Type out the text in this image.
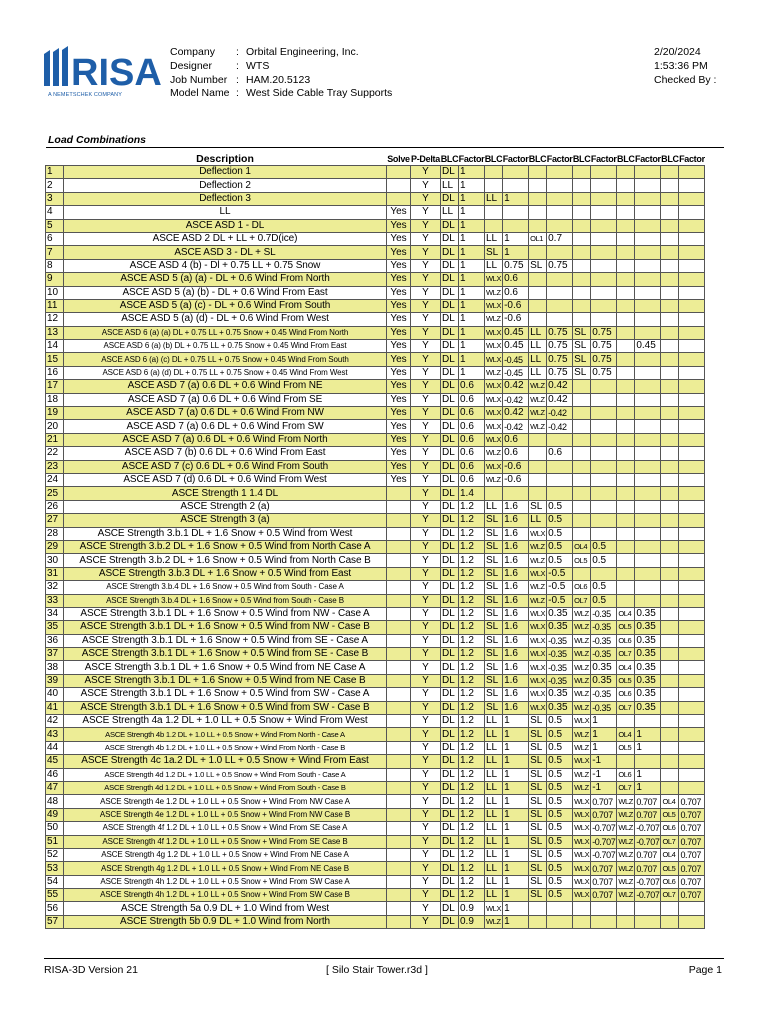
RISA
A NEMETSCHEK COMPANY
Company : Orbital Engineering, Inc.
Designer : WTS
Job Number : HAM.20.5123
Model Name : West Side Cable Tray Supports
2/20/2024
1:53:36 PM
Checked By :
Load Combinations
	Description	Solve	P-Delta	BLC	Factor	BLC	Factor	BLC	Factor	BLC	Factor	BLC	Factor	BLC	Factor
1	Deflection 1		Y	DL	1										
2	Deflection 2		Y	LL	1										
3	Deflection 3		Y	DL	1	LL	1								
4	LL	Yes	Y	LL	1										
5	ASCE ASD 1 - DL	Yes	Y	DL	1										
6	ASCE ASD 2 DL + LL + 0.7D(ice)	Yes	Y	DL	1	LL	1	OL1	0.7						
7	ASCE ASD 3 - DL + SL	Yes	Y	DL	1	SL	1								
8	ASCE ASD 4 (b) - Dl + 0.75 LL + 0.75 Snow	Yes	Y	DL	1	LL	0.75	SL	0.75						
9	ASCE ASD 5 (a) (a) - DL + 0.6 Wind From North	Yes	Y	DL	1	WLX	0.6								
10	ASCE ASD 5 (a) (b) - DL + 0.6 Wind From East	Yes	Y	DL	1	WLZ	0.6								
11	ASCE ASD 5 (a) (c) - DL + 0.6 Wind From South	Yes	Y	DL	1	WLX	-0.6								
12	ASCE ASD 5 (a) (d) - DL + 0.6 Wind From West	Yes	Y	DL	1	WLZ	-0.6								
13	ASCE ASD 6 (a) (a) DL + 0.75 LL + 0.75 Snow + 0.45 Wind From North	Yes	Y	DL	1	WLX	0.45	LL	0.75	SL	0.75				
14	ASCE ASD 6 (a) (b) DL + 0.75 LL + 0.75 Snow + 0.45 Wind From East	Yes	Y	DL	1	WLX	0.45	LL	0.75	SL	0.75		0.45		
15	ASCE ASD 6 (a) (c) DL + 0.75 LL + 0.75 Snow + 0.45 Wind From South	Yes	Y	DL	1	WLX	-0.45	LL	0.75	SL	0.75				
16	ASCE ASD 6 (a) (d) DL + 0.75 LL + 0.75 Snow + 0.45 Wind From West	Yes	Y	DL	1	WLZ	-0.45	LL	0.75	SL	0.75				
17	ASCE ASD 7 (a) 0.6 DL + 0.6 Wind From NE	Yes	Y	DL	0.6	WLX	0.42	WLZ	0.42						
18	ASCE ASD 7 (a) 0.6 DL + 0.6 Wind From SE	Yes	Y	DL	0.6	WLX	-0.42	WLZ	0.42						
19	ASCE ASD 7 (a) 0.6 DL + 0.6 Wind From NW	Yes	Y	DL	0.6	WLX	0.42	WLZ	-0.42						
20	ASCE ASD 7 (a) 0.6 DL + 0.6 Wind From SW	Yes	Y	DL	0.6	WLX	-0.42	WLZ	-0.42						
21	ASCE ASD 7 (a) 0.6 DL + 0.6 Wind From North	Yes	Y	DL	0.6	WLX	0.6								
22	ASCE ASD 7 (b) 0.6 DL + 0.6 Wind From East	Yes	Y	DL	0.6	WLZ	0.6		0.6						
23	ASCE ASD 7 (c) 0.6 DL + 0.6 Wind From South	Yes	Y	DL	0.6	WLX	-0.6								
24	ASCE ASD 7 (d) 0.6 DL + 0.6 Wind From West	Yes	Y	DL	0.6	WLZ	-0.6								
25	ASCE Strength 1 1.4 DL		Y	DL	1.4										
26	ASCE Strength 2 (a)		Y	DL	1.2	LL	1.6	SL	0.5						
27	ASCE Strength 3 (a)		Y	DL	1.2	SL	1.6	LL	0.5						
28	ASCE Strength 3.b.1 DL + 1.6 Snow + 0.5 Wind from West		Y	DL	1.2	SL	1.6	WLX	0.5						
29	ASCE Strength 3.b.2 DL + 1.6 Snow + 0.5 Wind from North Case A		Y	DL	1.2	SL	1.6	WLZ	0.5	OL4	0.5				
30	ASCE Strength 3.b.2 DL + 1.6 Snow + 0.5 Wind from North Case B		Y	DL	1.2	SL	1.6	WLZ	0.5	OL5	0.5				
31	ASCE Strength 3.b.3 DL + 1.6 Snow + 0.5 Wind from East		Y	DL	1.2	SL	1.6	WLX	-0.5						
32	ASCE Strength 3.b.4 DL + 1.6 Snow + 0.5 Wind from South - Case A		Y	DL	1.2	SL	1.6	WLZ	-0.5	OL6	0.5				
33	ASCE Strength 3.b.4 DL + 1.6 Snow + 0.5 Wind from South - Case B		Y	DL	1.2	SL	1.6	WLZ	-0.5	OL7	0.5				
34	ASCE Strength 3.b.1 DL + 1.6 Snow + 0.5 Wind from NW - Case A		Y	DL	1.2	SL	1.6	WLX	0.35	WLZ	-0.35	OL4	0.35		
35	ASCE Strength 3.b.1 DL + 1.6 Snow + 0.5 Wind from NW - Case B		Y	DL	1.2	SL	1.6	WLX	0.35	WLZ	-0.35	OL5	0.35		
36	ASCE Strength 3.b.1 DL + 1.6 Snow + 0.5 Wind from SE - Case A		Y	DL	1.2	SL	1.6	WLX	-0.35	WLZ	-0.35	OL6	0.35		
37	ASCE Strength 3.b.1 DL + 1.6 Snow + 0.5 Wind from SE - Case B		Y	DL	1.2	SL	1.6	WLX	-0.35	WLZ	-0.35	OL7	0.35		
38	ASCE Strength 3.b.1 DL + 1.6 Snow + 0.5 Wind from NE Case A		Y	DL	1.2	SL	1.6	WLX	-0.35	WLZ	0.35	OL4	0.35		
39	ASCE Strength 3.b.1 DL + 1.6 Snow + 0.5 Wind from NE Case B		Y	DL	1.2	SL	1.6	WLX	-0.35	WLZ	0.35	OL5	0.35		
40	ASCE Strength 3.b.1 DL + 1.6 Snow + 0.5 Wind from SW - Case A		Y	DL	1.2	SL	1.6	WLX	0.35	WLZ	-0.35	OL6	0.35		
41	ASCE Strength 3.b.1 DL + 1.6 Snow + 0.5 Wind from SW - Case B		Y	DL	1.2	SL	1.6	WLX	0.35	WLZ	-0.35	OL7	0.35		
42	ASCE Strength 4a 1.2 DL + 1.0 LL + 0.5 Snow + Wind From West		Y	DL	1.2	LL	1	SL	0.5	WLX	1				
43	ASCE Strength 4b 1.2 DL + 1.0 LL + 0.5 Snow + Wind From North - Case A		Y	DL	1.2	LL	1	SL	0.5	WLZ	1	OL4	1		
44	ASCE Strength 4b 1.2 DL + 1.0 LL + 0.5 Snow + Wind From North - Case B		Y	DL	1.2	LL	1	SL	0.5	WLZ	1	OL5	1		
45	ASCE Strength 4c 1a.2 DL + 1.0 LL + 0.5 Snow + Wind From East		Y	DL	1.2	LL	1	SL	0.5	WLX	-1				
46	ASCE Strength 4d 1.2 DL + 1.0 LL + 0.5 Snow + Wind From South - Case A		Y	DL	1.2	LL	1	SL	0.5	WLZ	-1	OL6	1		
47	ASCE Strength 4d 1.2 DL + 1.0 LL + 0.5 Snow + Wind From South - Case B		Y	DL	1.2	LL	1	SL	0.5	WLZ	-1	OL7	1		
48	ASCE Strength 4e 1.2 DL + 1.0 LL + 0.5 Snow + Wind From NW Case A		Y	DL	1.2	LL	1	SL	0.5	WLX	0.707	WLZ	0.707	OL4	0.707
49	ASCE Strength 4e 1.2 DL + 1.0 LL + 0.5 Snow + Wind From NW Case B		Y	DL	1.2	LL	1	SL	0.5	WLX	0.707	WLZ	0.707	OL5	0.707
50	ASCE Strength 4f 1.2 DL + 1.0 LL + 0.5 Snow + Wind From SE Case A		Y	DL	1.2	LL	1	SL	0.5	WLX	-0.707	WLZ	-0.707	OL6	0.707
51	ASCE Strength 4f 1.2 DL + 1.0 LL + 0.5 Snow + Wind From SE Case B		Y	DL	1.2	LL	1	SL	0.5	WLX	-0.707	WLZ	-0.707	OL7	0.707
52	ASCE Strength 4g 1.2 DL + 1.0 LL + 0.5 Snow + Wind From NE Case A		Y	DL	1.2	LL	1	SL	0.5	WLX	-0.707	WLZ	0.707	OL4	0.707
53	ASCE Strength 4g 1.2 DL + 1.0 LL + 0.5 Snow + Wind From NE Case B		Y	DL	1.2	LL	1	SL	0.5	WLX	0.707	WLZ	0.707	OL5	0.707
54	ASCE Strength 4h 1.2 DL + 1.0 LL + 0.5 Snow + Wind From SW Case A		Y	DL	1.2	LL	1	SL	0.5	WLX	0.707	WLZ	-0.707	OL6	0.707
55	ASCE Strength 4h 1.2 DL + 1.0 LL + 0.5 Snow + Wind From SW Case B		Y	DL	1.2	LL	1	SL	0.5	WLX	0.707	WLZ	-0.707	OL7	0.707
56	ASCE Strength 5a 0.9 DL + 1.0 Wind from West		Y	DL	0.9	WLX	1								
57	ASCE Strength 5b 0.9 DL + 1.0 Wind from North		Y	DL	0.9	WLZ	1								
RISA-3D Version 21	[ Silo Stair Tower.r3d ]	Page 1
